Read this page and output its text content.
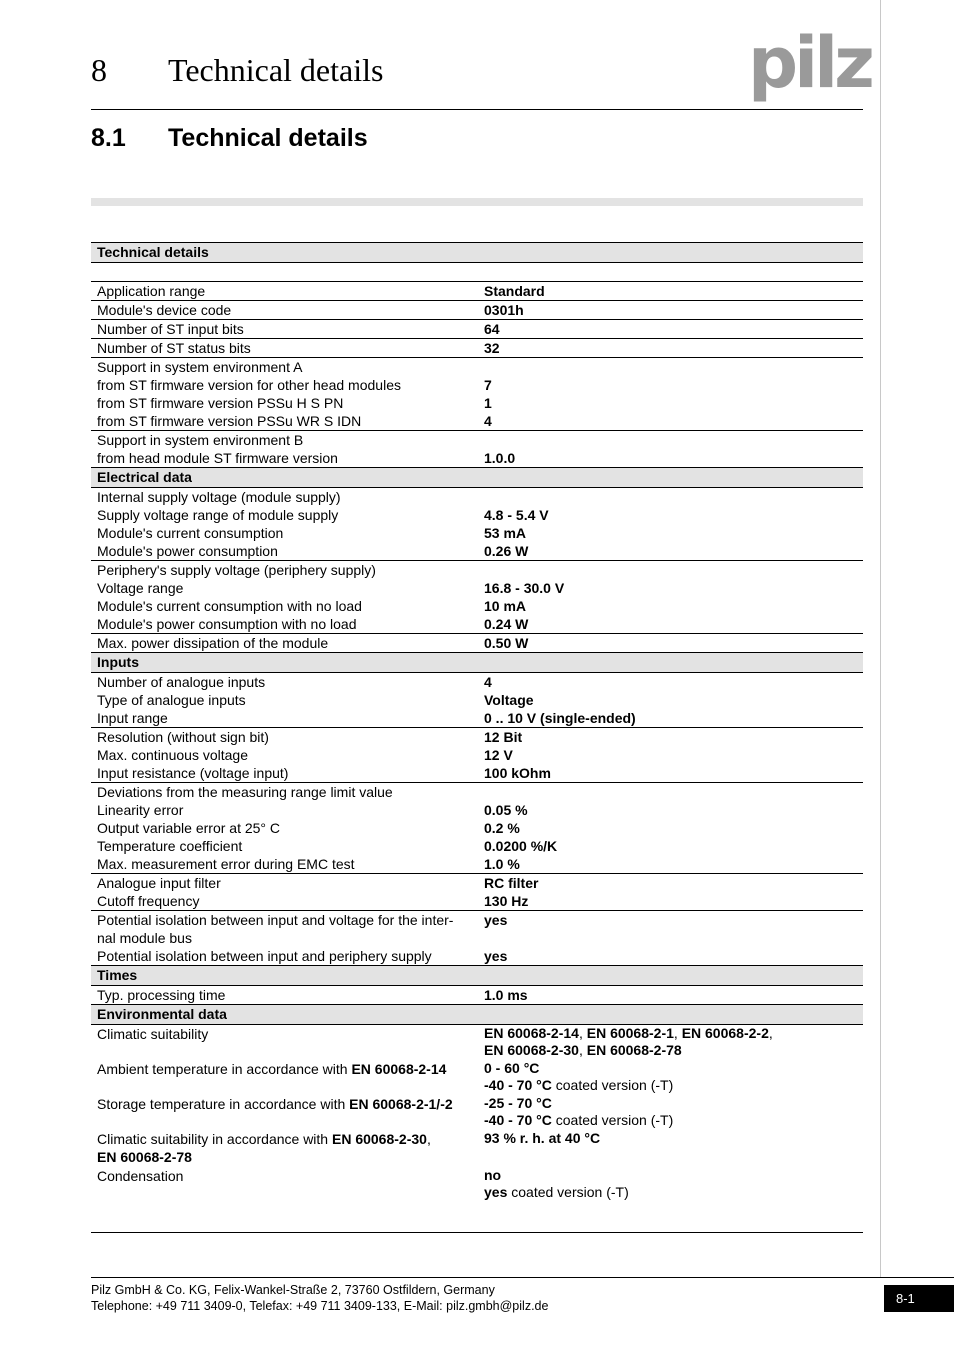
8 Technical details	pilz
8.1 Technical details
Technical details	

Application range	Standard
Module's device code	0301h
Number of ST input bits	64
Number of ST status bits	32
Support in system environment A	
from ST firmware version for other head modules	7
from ST firmware version PSSu H S PN	1
from ST firmware version PSSu WR S IDN	4
Support in system environment B	
from head module ST firmware version	1.0.0
Electrical data	
Internal supply voltage (module supply)	
Supply voltage range of module supply	4.8 - 5.4 V
Module's current consumption	53 mA
Module's power consumption	0.26 W
Periphery's supply voltage (periphery supply)	
Voltage range	16.8 - 30.0 V
Module's current consumption with no load	10 mA
Module's power consumption with no load	0.24 W
Max. power dissipation of the module	0.50 W
Inputs	
Number of analogue inputs	4
Type of analogue inputs	Voltage
Input range	0 .. 10 V (single-ended)
Resolution (without sign bit)	12 Bit
Max. continuous voltage	12 V
Input resistance (voltage input)	100 kOhm
Deviations from the measuring range limit value	
Linearity error	0.05 %
Output variable error at 25° C	0.2 %
Temperature coefficient	0.0200 %/K
Max. measurement error during EMC test	1.0 %
Analogue input filter	RC filter
Cutoff frequency	130 Hz
Potential isolation between input and voltage for the inter-nal module bus	yes
Potential isolation between input and periphery supply	yes
Times	
Typ. processing time	1.0 ms
Environmental data	
Climatic suitability	EN 60068-2-14, EN 60068-2-1, EN 60068-2-2,
EN 60068-2-30, EN 60068-2-78
Ambient temperature in accordance with EN 60068-2-14	0 - 60 °C
-40 - 70 °C coated version (-T)
Storage temperature in accordance with EN 60068-2-1/-2	-25 - 70 °C
-40 - 70 °C coated version (-T)
Climatic suitability in accordance with EN 60068-2-30,
EN 60068-2-78	93 % r. h. at 40 °C
Condensation	no
yes coated version (-T)
Pilz GmbH & Co. KG, Felix-Wankel-Straße 2, 73760 Ostfildern, Germany
Telephone: +49 711 3409-0, Telefax: +49 711 3409-133, E-Mail: pilz.gmbh@pilz.de	8-1
